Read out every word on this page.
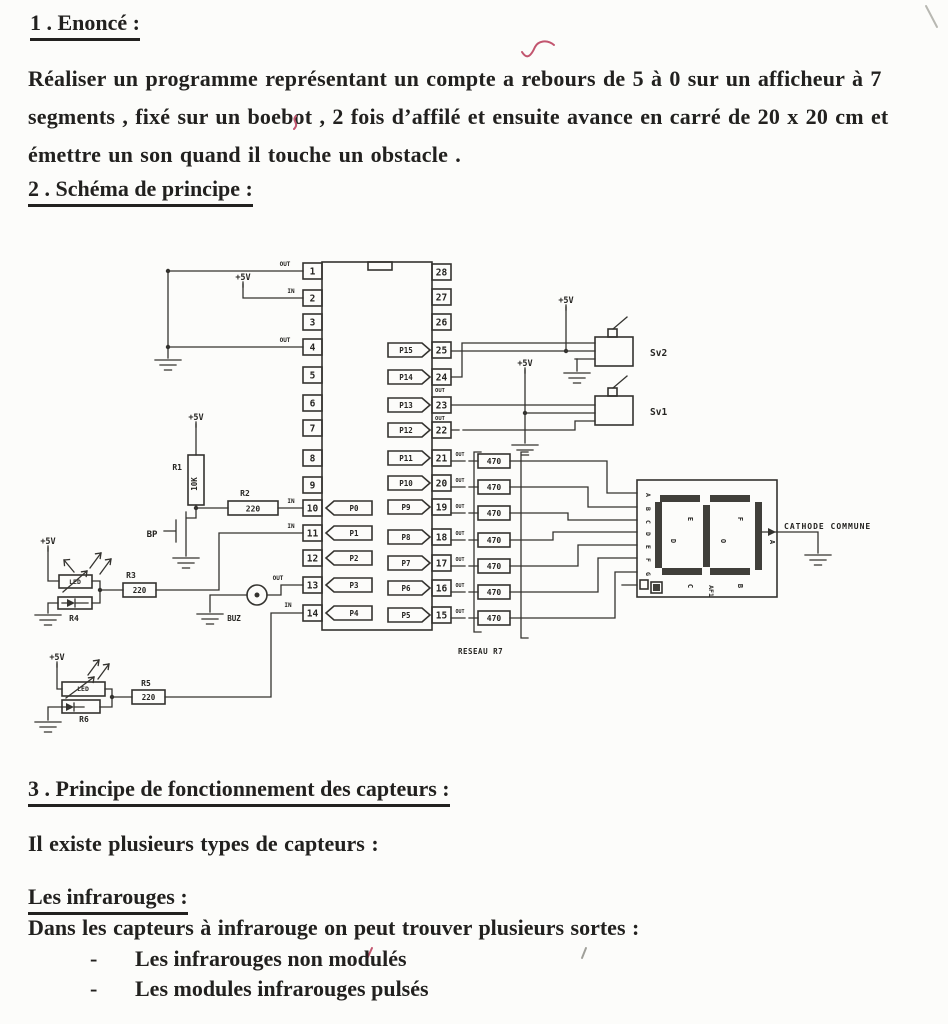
1 . Enoncé :
Réaliser un programme représentant un compte a rebours de 5 à 0 sur un afficheur à 7
segments , fixé sur un boebot , 2 fois d’affilé et ensuite avance en carré de 20 x 20 cm et
émettre un son quand il touche un obstacle .
2 . Schéma de principe :
1
2
3
4
5
6
7
8
9
10
11
12
13
14
28
27
26
25
24
23
22
21
20
19
18
17
16
15
P0
P1
P2
P3
P4
P15
P14
P13
P12
P11
P10
P9
P8
P7
P6
P5
OUT
IN
OUT
IN
IN
OUT
IN
OUT
OUT
+5V
+5V
R1
10K
R2
220
BP
R3
220
+5V
LED
R4	BUZ
R5
220
+5V
LED
R6
Sv2
+5V
Sv1
+5V
470
OUT
470
OUT
470
OUT
470
OUT
470
OUT
470
OUT
470
OUT
RESEAU R7
A
B
C
D
E
F
G
E	F
D	O	A
C	B
AF1
CATHODE COMMUNE
3 . Principe de fonctionnement des capteurs :
Il existe plusieurs types de capteurs :
Les infrarouges :
Dans les capteurs à infrarouge on peut trouver plusieurs sortes :
- Les infrarouges non modulés
- Les modules infrarouges pulsés
